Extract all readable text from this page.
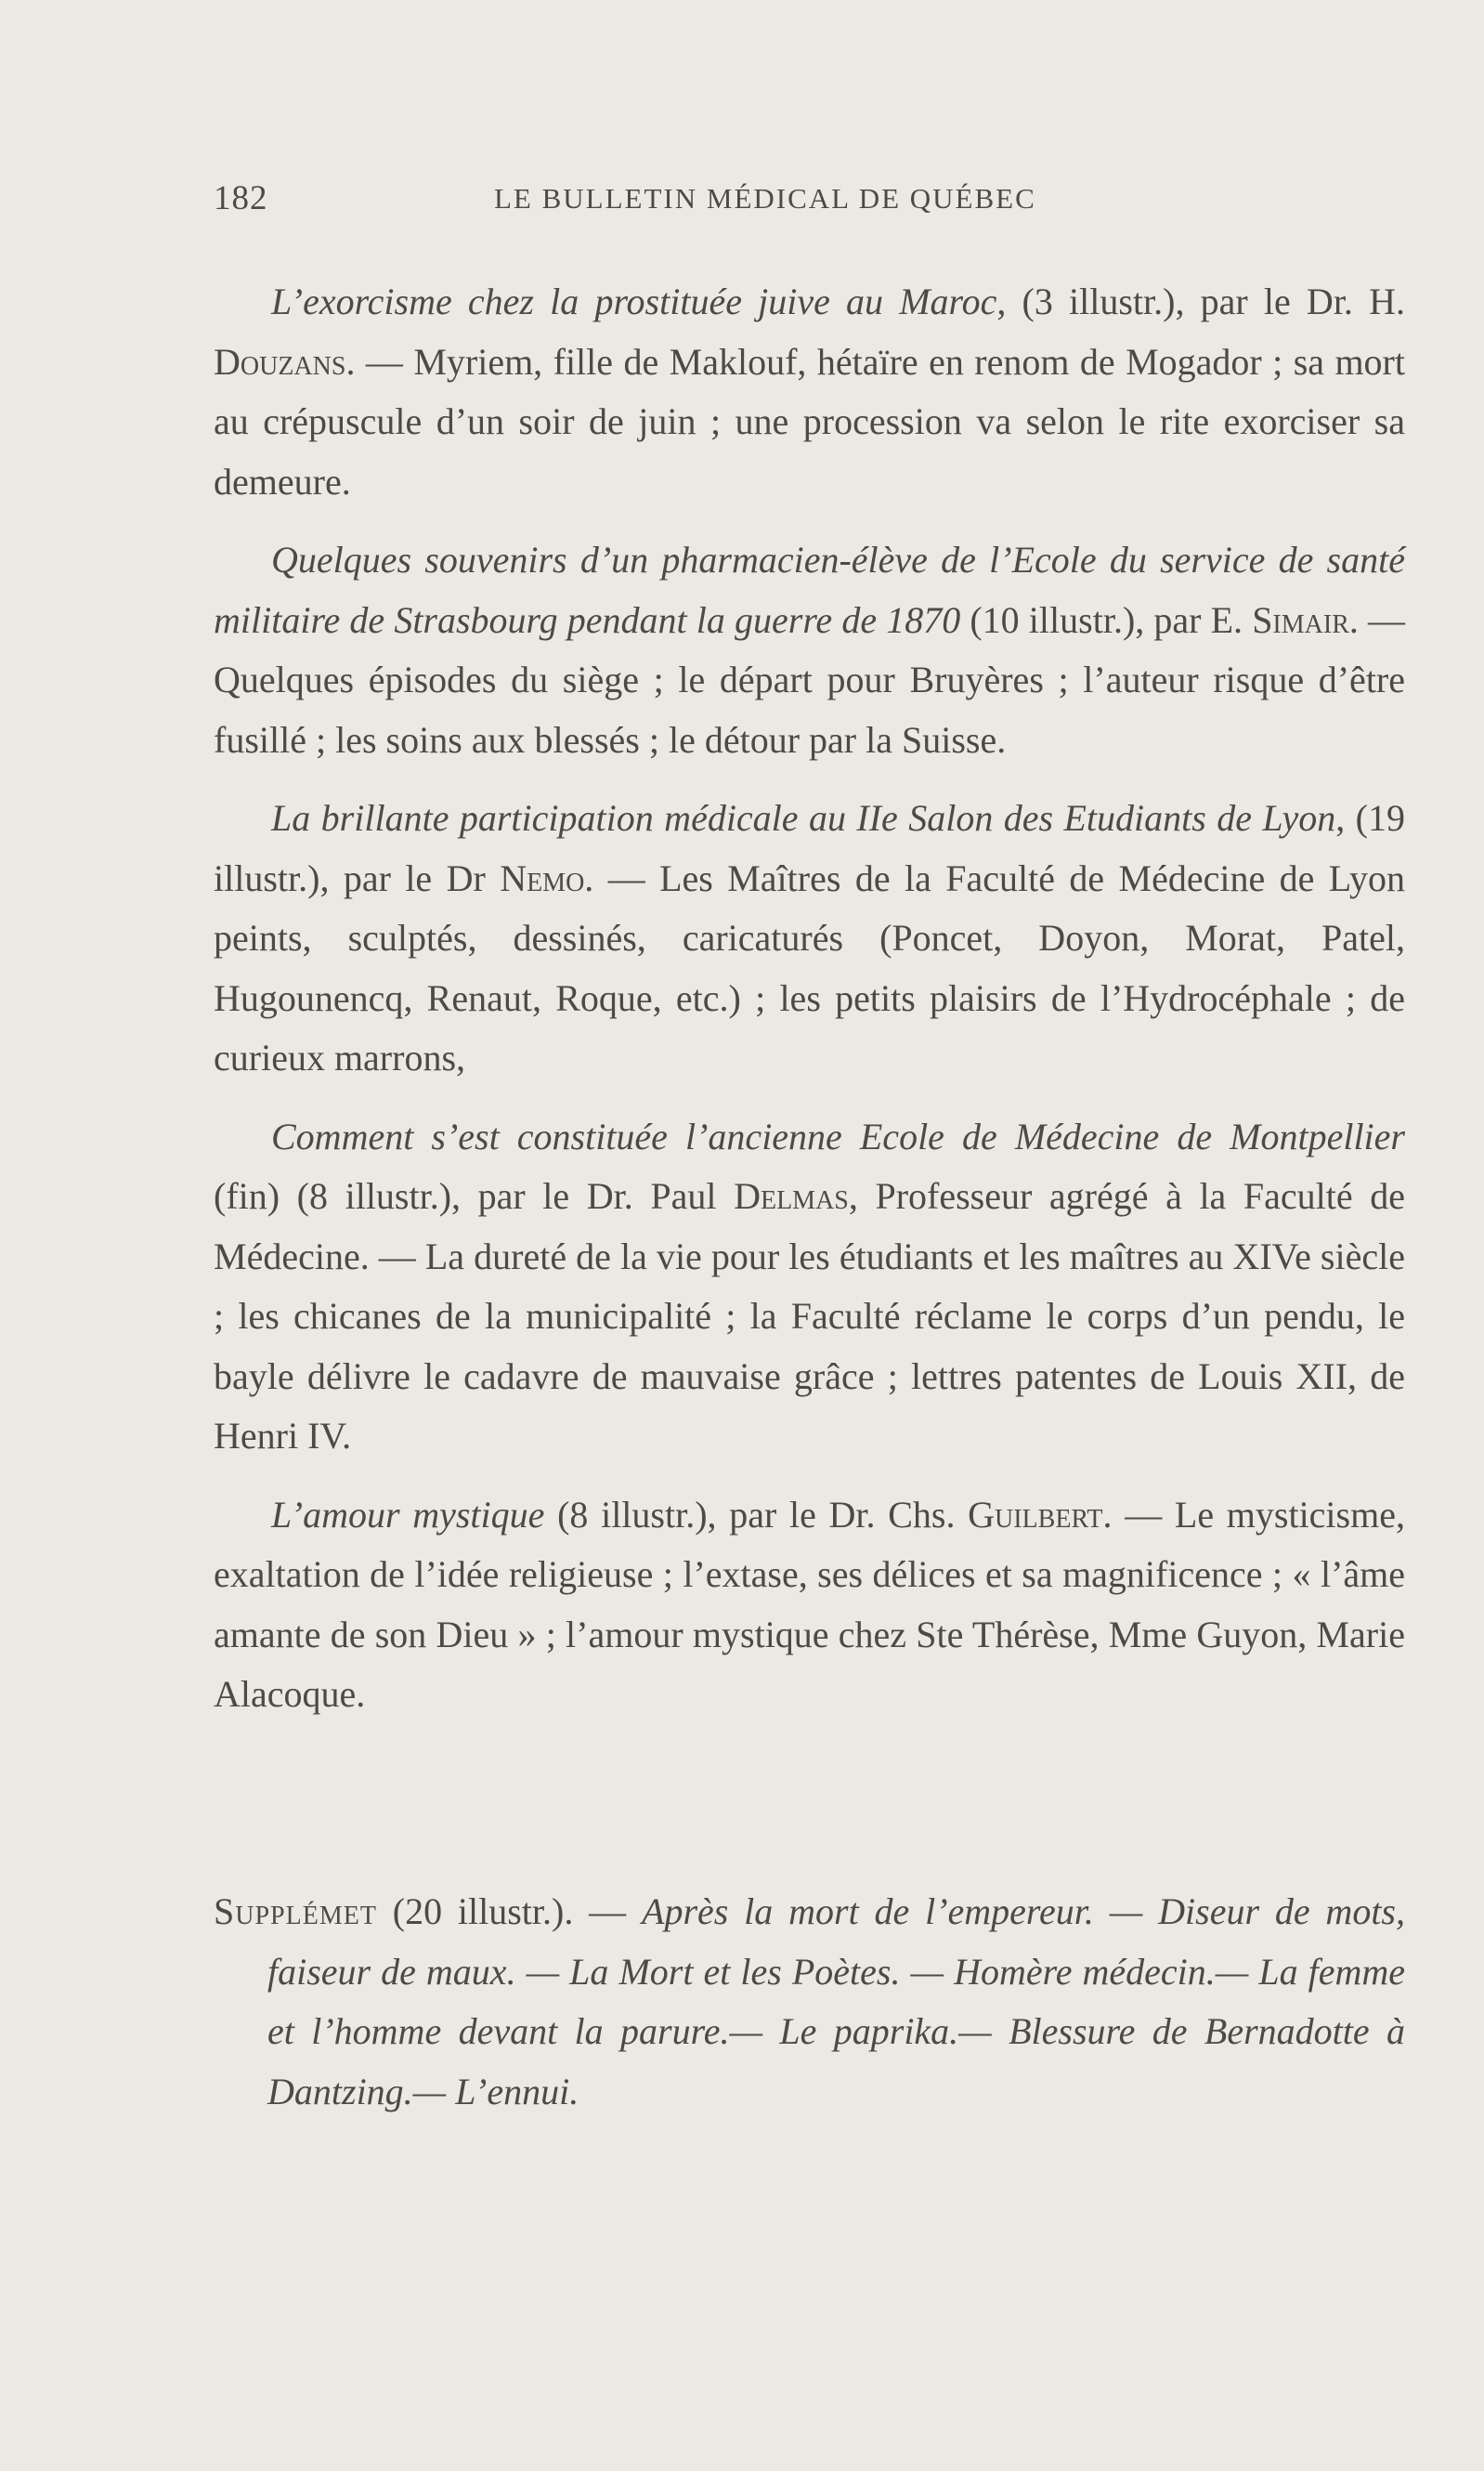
182	LE BULLETIN MÉDICAL DE QUÉBEC

L’exorcisme chez la prostituée juive au Maroc, (3 illustr.), par le Dr. H. Douzans. — Myriem, fille de Maklouf, hétaïre en renom de Mogador ; sa mort au crépuscule d’un soir de juin ; une procession va selon le rite exorciser sa demeure.

Quelques souvenirs d’un pharmacien-élève de l’Ecole du service de santé militaire de Strasbourg pendant la guerre de 1870 (10 illustr.), par E. Simair. — Quelques épisodes du siège ; le départ pour Bruyères ; l’auteur risque d’être fusillé ; les soins aux blessés ; le détour par la Suisse.

La brillante participation médicale au IIe Salon des Etudiants de Lyon, (19 illustr.), par le Dr Nemo. — Les Maîtres de la Faculté de Médecine de Lyon peints, sculptés, dessinés, caricaturés (Poncet, Doyon, Morat, Patel, Hugounencq, Renaut, Roque, etc.) ; les petits plaisirs de l’Hydrocéphale ; de curieux marrons,

Comment s’est constituée l’ancienne Ecole de Médecine de Montpellier (fin) (8 illustr.), par le Dr. Paul Delmas, Professeur agrégé à la Faculté de Médecine. — La dureté de la vie pour les étudiants et les maîtres au XIVe siècle ; les chicanes de la municipalité ; la Faculté réclame le corps d’un pendu, le bayle délivre le cadavre de mauvaise grâce ; lettres patentes de Louis XII, de Henri IV.

L’amour mystique (8 illustr.), par le Dr. Chs. Guilbert. — Le mysticisme, exaltation de l’idée religieuse ; l’extase, ses délices et sa magnificence ; « l’âme amante de son Dieu » ; l’amour mystique chez Ste Thérèse, Mme Guyon, Marie Alacoque.

Supplémet (20 illustr.). — Après la mort de l’empereur. — Diseur de mots, faiseur de maux. — La Mort et les Poètes. — Homère médecin.— La femme et l’homme devant la parure.— Le paprika.— Blessure de Bernadotte à Dantzing.— L’ennui.
